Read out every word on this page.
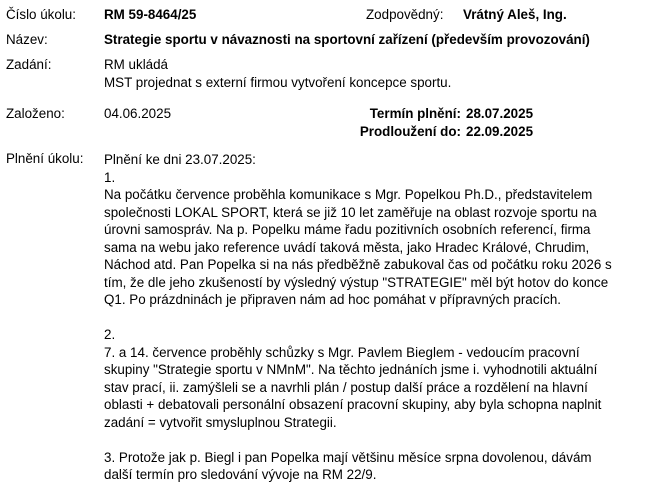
Číslo úkolu: RM 59-8464/25	Zodpovědný: Vrátný Aleš, Ing.
Název:	Strategie sportu v návaznosti na sportovní zařízení (především provozování)
Zadání:	RM ukládá

MST projednat s externí firmou vytvoření koncepce sportu.

Založeno:	04.06.2025	Termín plnění: 28.07.2025
Prodloužení do: 22.09.2025
Plnění úkolu: Plnění ke dni 23.07.2025:

1.

Na počátku července proběhla komunikace s Mgr. Popelkou Ph.D., představitelem

společnosti LOKAL SPORT, která se již 10 let zaměřuje na oblast rozvoje sportu na

úrovni samospráv. Na p. Popelku máme řadu pozitivních osobních referencí, firma

sama na webu jako reference uvádí taková města, jako Hradec Králové, Chrudim,

Náchod atd. Pan Popelka si na nás předběžně zabukoval čas od počátku roku 2026 s

tím, že dle jeho zkušeností by výsledný výstup "STRATEGIE" měl být hotov do konce

Q1. Po prázdninách je připraven nám ad hoc pomáhat v přípravných pracích.

2.

7. a 14. července proběhly schůzky s Mgr. Pavlem Bieglem - vedoucím pracovní

skupiny "Strategie sportu v NMnM". Na těchto jednáních jsme i. vyhodnotili aktuální

stav prací, ii. zamýšleli se a navrhli plán / postup další práce a rozdělení na hlavní

oblasti + debatovali personální obsazení pracovní skupiny, aby byla schopna naplnit

zadání = vytvořit smysluplnou Strategii.

3. Protože jak p. Biegl i pan Popelka mají většinu měsíce srpna dovolenou, dávám

další termín pro sledování vývoje na RM 22/9.
